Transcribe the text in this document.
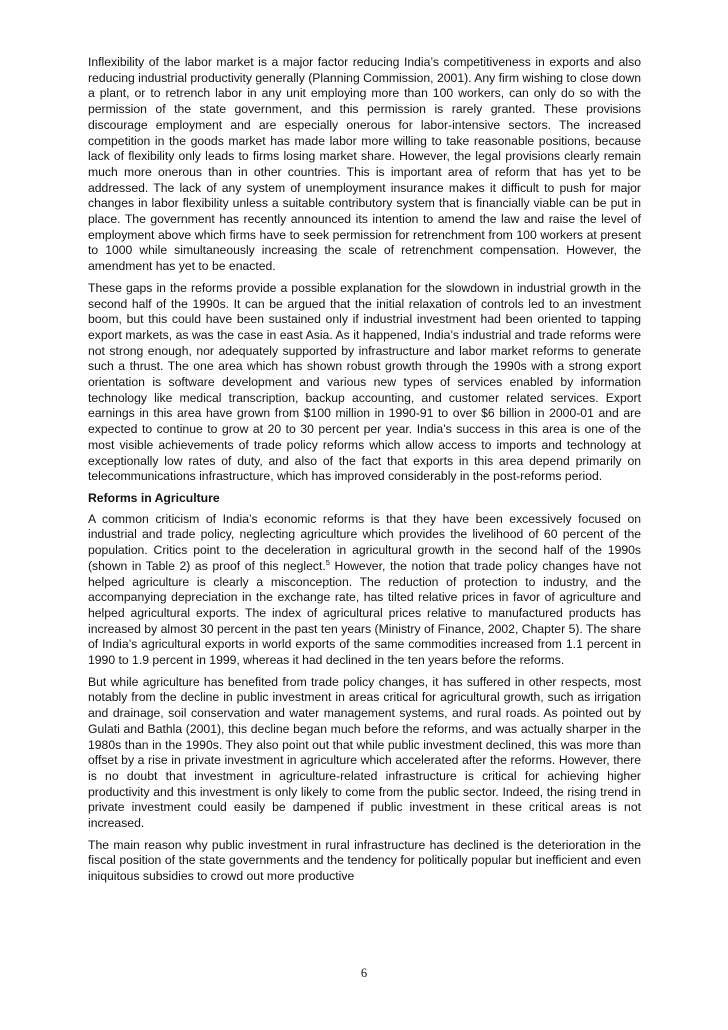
Inflexibility of the labor market is a major factor reducing India’s competitiveness in exports and also reducing industrial productivity generally (Planning Commission, 2001). Any firm wishing to close down a plant, or to retrench labor in any unit employing more than 100 workers, can only do so with the permission of the state government, and this permission is rarely granted. These provisions discourage employment and are especially onerous for labor-intensive sectors. The increased competition in the goods market has made labor more willing to take reasonable positions, because lack of flexibility only leads to firms losing market share. However, the legal provisions clearly remain much more onerous than in other countries. This is important area of reform that has yet to be addressed. The lack of any system of unemployment insurance makes it difficult to push for major changes in labor flexibility unless a suitable contributory system that is financially viable can be put in place. The government has recently announced its intention to amend the law and raise the level of employment above which firms have to seek permission for retrenchment from 100 workers at present to 1000 while simultaneously increasing the scale of retrenchment compensation. However, the amendment has yet to be enacted.

These gaps in the reforms provide a possible explanation for the slowdown in industrial growth in the second half of the 1990s. It can be argued that the initial relaxation of controls led to an investment boom, but this could have been sustained only if industrial investment had been oriented to tapping export markets, as was the case in east Asia. As it happened, India’s industrial and trade reforms were not strong enough, nor adequately supported by infrastructure and labor market reforms to generate such a thrust. The one area which has shown robust growth through the 1990s with a strong export orientation is software development and various new types of services enabled by information technology like medical transcription, backup accounting, and customer related services. Export earnings in this area have grown from $100 million in 1990-91 to over $6 billion in 2000-01 and are expected to continue to grow at 20 to 30 percent per year. India’s success in this area is one of the most visible achievements of trade policy reforms which allow access to imports and technology at exceptionally low rates of duty, and also of the fact that exports in this area depend primarily on telecommunications infrastructure, which has improved considerably in the post-reforms period.

Reforms in Agriculture

A common criticism of India’s economic reforms is that they have been excessively focused on industrial and trade policy, neglecting agriculture which provides the livelihood of 60 percent of the population. Critics point to the deceleration in agricultural growth in the second half of the 1990s (shown in Table 2) as proof of this neglect.$^5$ However, the notion that trade policy changes have not helped agriculture is clearly a misconception. The reduction of protection to industry, and the accompanying depreciation in the exchange rate, has tilted relative prices in favor of agriculture and helped agricultural exports. The index of agricultural prices relative to manufactured products has increased by almost 30 percent in the past ten years (Ministry of Finance, 2002, Chapter 5). The share of India’s agricultural exports in world exports of the same commodities increased from 1.1 percent in 1990 to 1.9 percent in 1999, whereas it had declined in the ten years before the reforms.

But while agriculture has benefited from trade policy changes, it has suffered in other respects, most notably from the decline in public investment in areas critical for agricultural growth, such as irrigation and drainage, soil conservation and water management systems, and rural roads. As pointed out by Gulati and Bathla (2001), this decline began much before the reforms, and was actually sharper in the 1980s than in the 1990s. They also point out that while public investment declined, this was more than offset by a rise in private investment in agriculture which accelerated after the reforms. However, there is no doubt that investment in agriculture-related infrastructure is critical for achieving higher productivity and this investment is only likely to come from the public sector. Indeed, the rising trend in private investment could easily be dampened if public investment in these critical areas is not increased.

The main reason why public investment in rural infrastructure has declined is the deterioration in the fiscal position of the state governments and the tendency for politically popular but inefficient and even iniquitous subsidies to crowd out more productive

6
